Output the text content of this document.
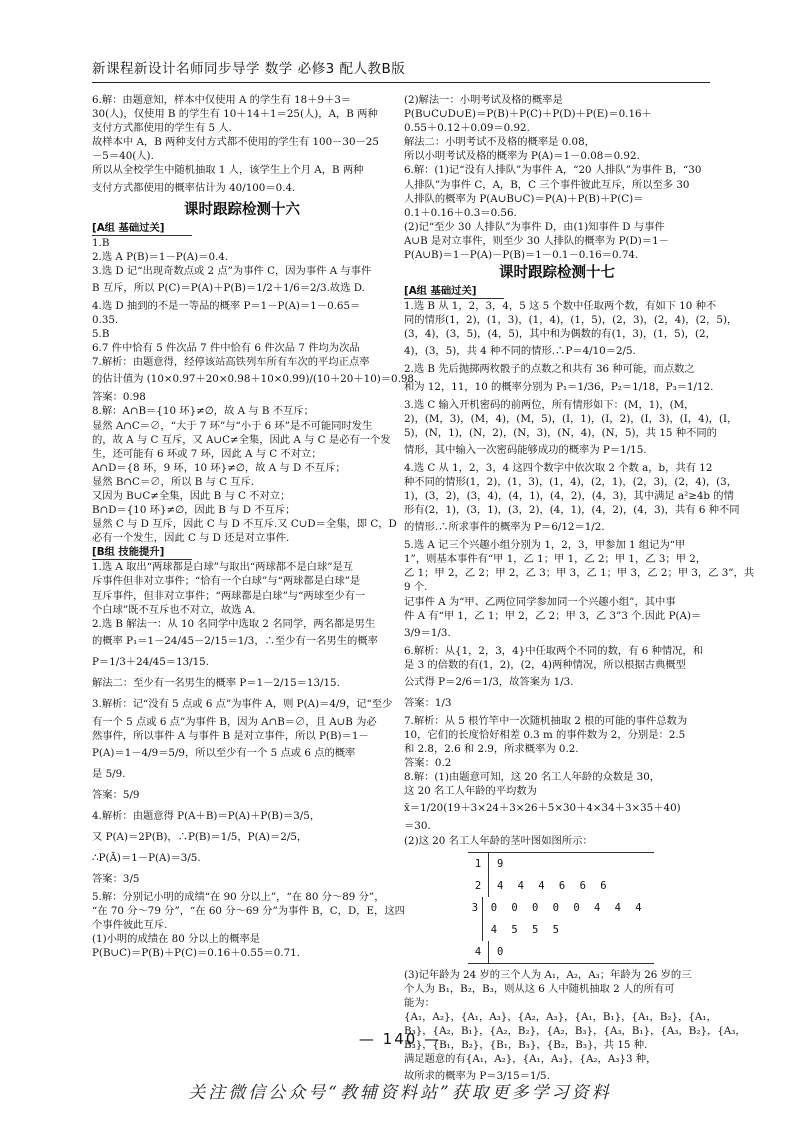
新课程新设计名师同步导学 数学 必修3 配人教B版
6.解：由题意知，样本中仅使用 A 的学生有 18＋9＋3＝
30(人)，仅使用 B 的学生有 10＋14＋1＝25(人)，A，B 两种
支付方式都使用的学生有 5 人.
故样本中 A，B 两种支付方式都不使用的学生有 100－30－25
－5＝40(人).
所以从全校学生中随机抽取 1 人，该学生上个月 A，B 两种
支付方式都使用的概率估计为 40/100＝0.4.
课时跟踪检测十六
[A组 基础过关]
1.B
2.选 A P(B)＝1－P(A)＝0.4.
3.选 D 记“出现奇数点或 2 点”为事件 C，因为事件 A 与事件
B 互斥，所以 P(C)＝P(A)＋P(B)＝1/2＋1/6＝2/3.故选 D.
4.选 D 抽到的不是一等品的概率 P＝1－P(A)＝1－0.65＝
0.35.
5.B
6.7 件中恰有 5 件次品 7 件中恰有 6 件次品 7 件均为次品
7.解析：由题意得，经停该站高铁列车所有车次的平均正点率
的估计值为 (10×0.97＋20×0.98＋10×0.99)/(10＋20＋10)＝0.98.
答案：0.98
8.解：A∩B＝{10 环}≠∅，故 A 与 B 不互斥；
显然 A∩C＝∅，“大于 7 环”与“小于 6 环”是不可能同时发生
的，故 A 与 C 互斥，又 A∪C≠全集，因此 A 与 C 是必有一个发
生，还可能有 6 环或 7 环，因此 A 与 C 不对立；
A∩D＝{8 环，9 环，10 环}≠∅，故 A 与 D 不互斥；
显然 B∩C＝∅，所以 B 与 C 互斥.
又因为 B∪C≠全集，因此 B 与 C 不对立；
B∩D＝{10 环}≠∅，因此 B 与 D 不互斥；
显然 C 与 D 互斥，因此 C 与 D 不互斥.又 C∪D＝全集，即 C，D
必有一个发生，因此 C 与 D 还是对立事件.
[B组 技能提升]
1.选 A 取出“两球都是白球”与取出“两球都不是白球”是互
斥事件但非对立事件；“恰有一个白球”与“两球都是白球”是
互斥事件，但非对立事件；“两球都是白球”与“两球至少有一
个白球”既不互斥也不对立，故选 A.
2.选 B 解法一：从 10 名同学中选取 2 名同学，两名都是男生
的概率 P₁＝1－24/45－2/15＝1/3，∴至少有一名男生的概率
P＝1/3＋24/45＝13/15.
解法二：至少有一名男生的概率 P＝1－2/15＝13/15.
3.解析：记“没有 5 点或 6 点”为事件 A，则 P(A)＝4/9，记“至少
有一个 5 点或 6 点”为事件 B，因为 A∩B＝∅，且 A∪B 为必
然事件，所以事件 A 与事件 B 是对立事件，所以 P(B)＝1－
P(A)＝1－4/9＝5/9，所以至少有一个 5 点或 6 点的概率
是 5/9.
答案：5/9
4.解析：由题意得 P(A＋B)＝P(A)＋P(B)＝3/5，
又 P(A)＝2P(B)，∴P(B)＝1/5，P(A)＝2/5，
∴P(Ā)＝1－P(A)＝3/5.
答案：3/5
5.解：分别记小明的成绩“在 90 分以上”，“在 80 分～89 分”，
“在 70 分～79 分”，“在 60 分～69 分”为事件 B，C，D，E，这四
个事件彼此互斥.
(1)小明的成绩在 80 分以上的概率是
P(B∪C)＝P(B)＋P(C)＝0.16＋0.55＝0.71.
(2)解法一：小明考试及格的概率是
P(B∪C∪D∪E)＝P(B)＋P(C)＋P(D)＋P(E)＝0.16＋
0.55＋0.12＋0.09＝0.92.
解法二：小明考试不及格的概率是 0.08，
所以小明考试及格的概率为 P(A)＝1－0.08＝0.92.
6.解：(1)记“没有人排队”为事件 A，“20 人排队”为事件 B，“30
人排队”为事件 C，A，B，C 三个事件彼此互斥，所以至多 30
人排队的概率为 P(A∪B∪C)＝P(A)＋P(B)＋P(C)＝
0.1＋0.16＋0.3＝0.56.
(2)记“至少 30 人排队”为事件 D，由(1)知事件 D 与事件
A∪B 是对立事件，则至少 30 人排队的概率为 P(D)＝1－
P(A∪B)＝1－P(A)－P(B)＝1－0.1－0.16＝0.74.
课时跟踪检测十七
[A组 基础过关]
1.选 B 从 1，2，3，4，5 这 5 个数中任取两个数，有如下 10 种不
同的情形(1，2)，(1，3)，(1，4)，(1，5)，(2，3)，(2，4)，(2，5)，
(3，4)，(3，5)，(4，5)，其中和为偶数的有(1，3)，(1，5)，(2，
4)，(3，5)，共 4 种不同的情形.∴P＝4/10＝2/5.
2.选 B 先后抛掷两枚骰子的点数之和共有 36 种可能，而点数之
和为 12，11，10 的概率分别为 P₁＝1/36，P₂＝1/18，P₃＝1/12.
3.选 C 输入开机密码的前两位，所有情形如下：(M，1)，(M，
2)，(M，3)，(M，4)，(M，5)，(I，1)，(I，2)，(I，3)，(I，4)，(I，
5)，(N，1)，(N，2)，(N，3)，(N，4)，(N，5)，共 15 种不同的
情形，其中输入一次密码能够成功的概率为 P＝1/15.
4.选 C 从 1，2，3，4 这四个数字中依次取 2 个数 a，b，共有 12
种不同的情形(1，2)，(1，3)，(1，4)，(2，1)，(2，3)，(2，4)，(3，
1)，(3，2)，(3，4)，(4，1)，(4，2)，(4，3)，其中满足 a²≥4b 的情
形有(2，1)，(3，1)，(3，2)，(4，1)，(4，2)，(4，3)，共有 6 种不同
的情形.∴所求事件的概率为 P＝6/12＝1/2.
5.选 A 记三个兴趣小组分别为 1，2，3，甲参加 1 组记为“甲
1”，则基本事件有“甲 1，乙 1；甲 1，乙 2；甲 1，乙 3；甲 2，
乙 1；甲 2，乙 2；甲 2，乙 3；甲 3，乙 1；甲 3，乙 2；甲 3，乙 3”，共
9 个.
记事件 A 为“甲、乙两位同学参加同一个兴趣小组”，其中事
件 A 有“甲 1，乙 1；甲 2，乙 2；甲 3，乙 3”3 个.因此 P(A)＝
3/9＝1/3.
6.解析：从{1，2，3，4}中任取两个不同的数，有 6 种情况，和
是 3 的倍数的有(1，2)，(2，4)两种情况，所以根据古典概型
公式得 P＝2/6＝1/3，故答案为 1/3.
答案：1/3
7.解析：从 5 根竹竿中一次随机抽取 2 根的可能的事件总数为
10，它们的长度恰好相差 0.3 m 的事件数为 2，分别是：2.5
和 2.8，2.6 和 2.9，所求概率为 0.2.
答案：0.2
8.解：(1)由题意可知，这 20 名工人年龄的众数是 30，
这 20 名工人年龄的平均数为
x̄＝1/20(19＋3×24＋3×26＋5×30＋4×34＋3×35＋40)
＝30.
(2)这 20 名工人年龄的茎叶图如图所示：
1	9
2	4 4 4 6 6 6
3	0 0 0 0 0 4 4 4 4 5 5 5
4	0
(3)记年龄为 24 岁的三个人为 A₁，A₂，A₃；年龄为 26 岁的三
个人为 B₁，B₂，B₃，则从这 6 人中随机抽取 2 人的所有可
能为：
{A₁，A₂}，{A₁，A₃}，{A₂，A₃}，{A₁，B₁}，{A₁，B₂}，{A₁，
B₃}，{A₂，B₁}，{A₂，B₂}，{A₂，B₃}，{A₃，B₁}，{A₃，B₂}，{A₃，
B₃}，{B₁，B₂}，{B₁，B₃}，{B₂，B₃}，共 15 种.
满足题意的有{A₁，A₂}，{A₁，A₃}，{A₂，A₃}3 种，
故所求的概率为 P＝3/15＝1/5.
— 140 —
关注微信公众号“教辅资料站”获取更多学习资料
